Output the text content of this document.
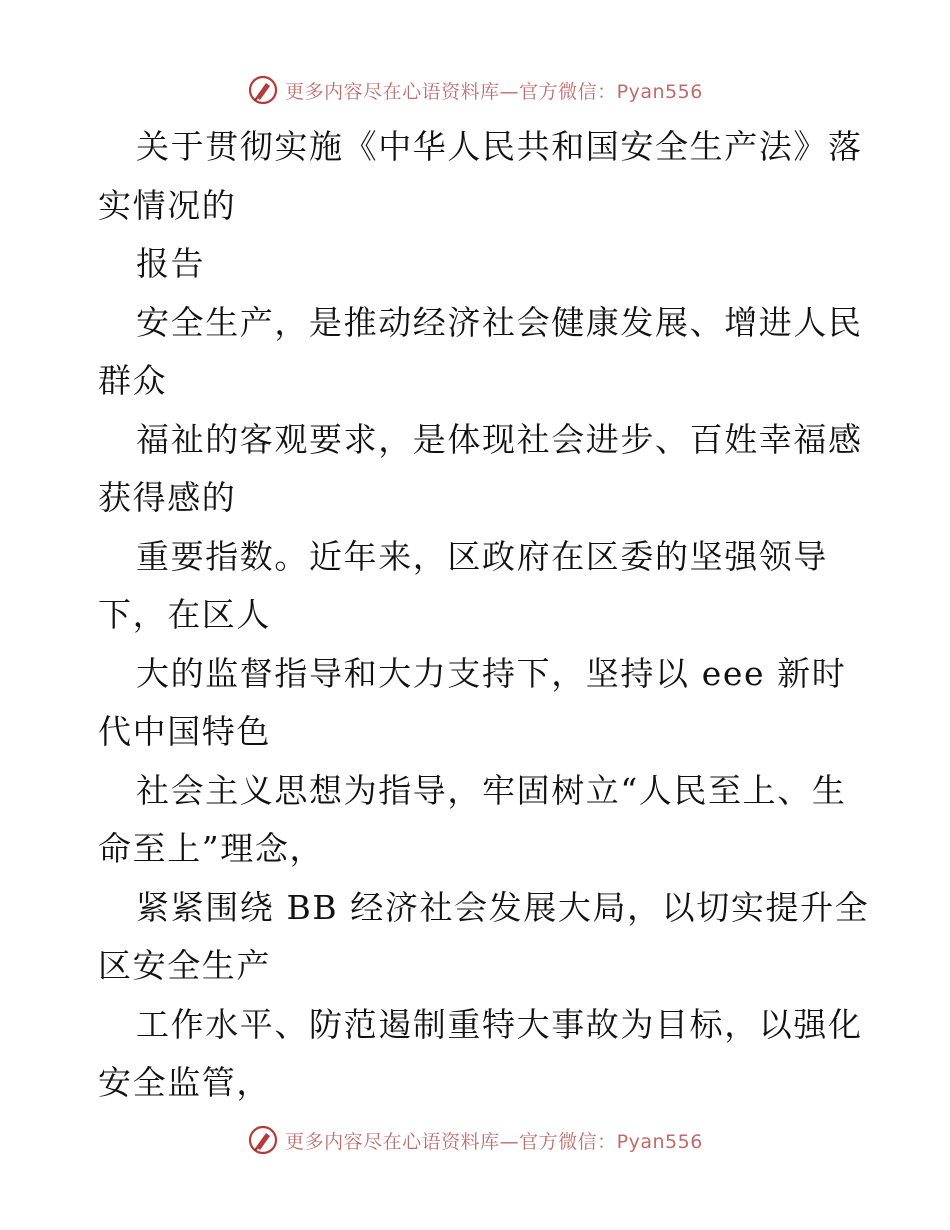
更多内容尽在心语资料库—官方微信：Pyan556
关于贯彻实施《中华人民共和国安全生产法》落
实情况的
报告
安全生产，是推动经济社会健康发展、增进人民
群众
福祉的客观要求，是体现社会进步、百姓幸福感
获得感的
重要指数。近年来，区政府在区委的坚强领导
下，在区人
大的监督指导和大力支持下，坚持以 eee 新时
代中国特色
社会主义思想为指导，牢固树立“人民至上、生
命至上”理念，
紧紧围绕 BB 经济社会发展大局，以切实提升全
区安全生产
工作水平、防范遏制重特大事故为目标，以强化
安全监管，
更多内容尽在心语资料库—官方微信：Pyan556
